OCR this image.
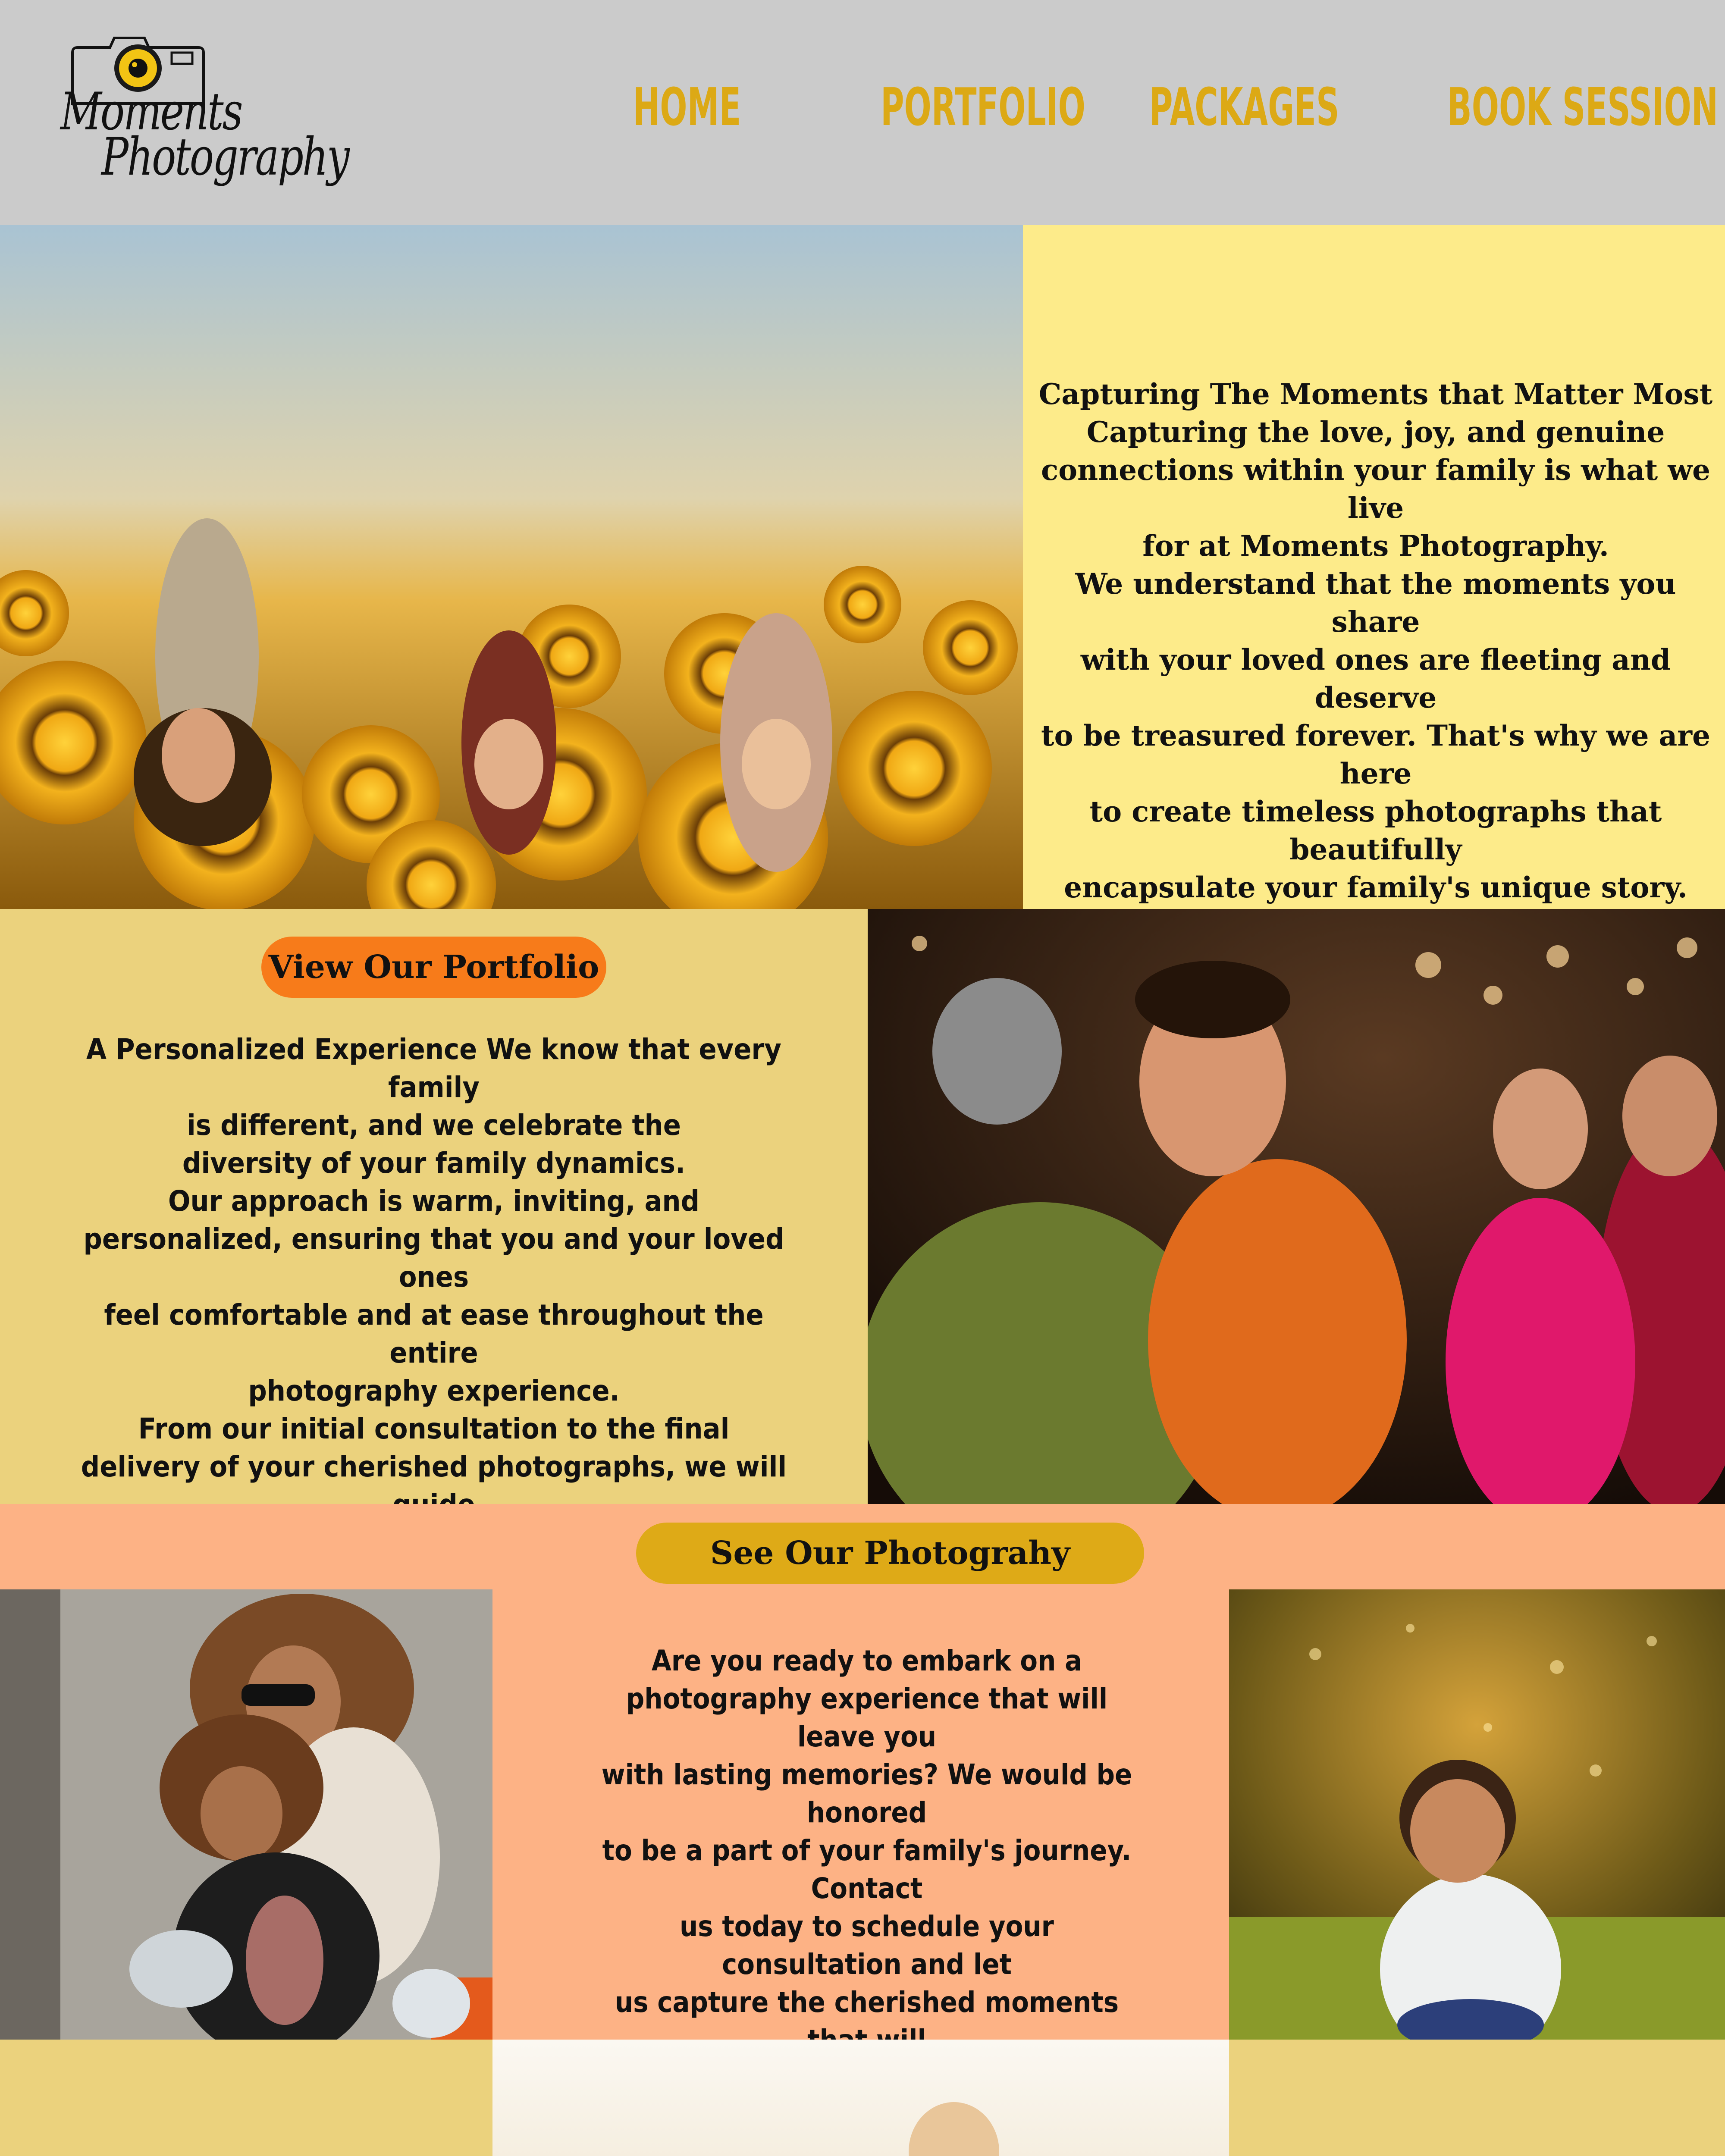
Moments
Photography
HOME	PORTFOLIO PACKAGES BOOK SESSION
Capturing The Moments that Matter Most
Capturing the love, joy, and genuine
connections within your family is what we live
for at Moments Photography.
We understand that the moments you share
with your loved ones are fleeting and deserve
to be treasured forever. That's why we are here
to create timeless photographs that beautifully
encapsulate your family's unique story.
View Our Portfolio
A Personalized Experience We know that every family
is different, and we celebrate the
diversity of your family dynamics.
Our approach is warm, inviting, and
personalized, ensuring that you and your loved ones
feel comfortable and at ease throughout the entire
photography experience.
From our initial consultation to the final
delivery of your cherished photographs, we will
See Our Photograhy
Are you ready to embark on a
photography experience that will leave you
with lasting memories? We would be honored
to be a part of your family's journey. Contact
us today to schedule your consultation and let
us capture the cherished moments
